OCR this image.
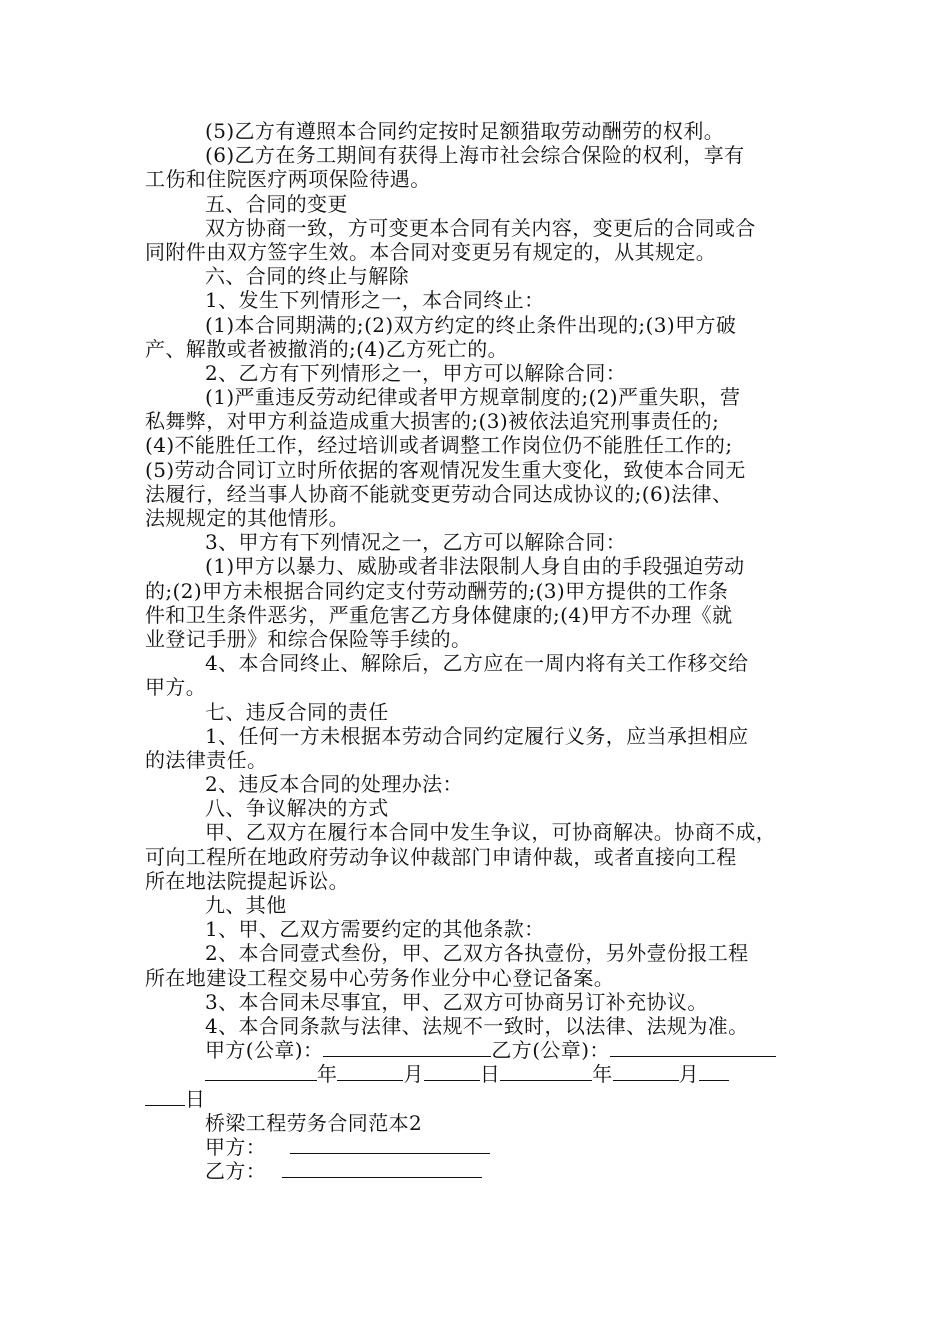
(5)乙方有遵照本合同约定按时足额猎取劳动酬劳的权利。
(6)乙方在务工期间有获得上海市社会综合保险的权利，享有
工伤和住院医疗两项保险待遇。
五、合同的变更
双方协商一致，方可变更本合同有关内容，变更后的合同或合
同附件由双方签字生效。本合同对变更另有规定的，从其规定。
六、合同的终止与解除
1、发生下列情形之一，本合同终止：
(1)本合同期满的;(2)双方约定的终止条件出现的;(3)甲方破
产、解散或者被撤消的;(4)乙方死亡的。
2、乙方有下列情形之一，甲方可以解除合同：
(1)严重违反劳动纪律或者甲方规章制度的;(2)严重失职，营
私舞弊，对甲方利益造成重大损害的;(3)被依法追究刑事责任的;
(4)不能胜任工作，经过培训或者调整工作岗位仍不能胜任工作的;
(5)劳动合同订立时所依据的客观情况发生重大变化，致使本合同无
法履行，经当事人协商不能就变更劳动合同达成协议的;(6)法律、
法规规定的其他情形。
3、甲方有下列情况之一，乙方可以解除合同：
(1)甲方以暴力、威胁或者非法限制人身自由的手段强迫劳动
的;(2)甲方未根据合同约定支付劳动酬劳的;(3)甲方提供的工作条
件和卫生条件恶劣，严重危害乙方身体健康的;(4)甲方不办理《就
业登记手册》和综合保险等手续的。
4、本合同终止、解除后，乙方应在一周内将有关工作移交给
甲方。
七、违反合同的责任
1、任何一方未根据本劳动合同约定履行义务，应当承担相应
的法律责任。
2、违反本合同的处理办法：
八、争议解决的方式
甲、乙双方在履行本合同中发生争议，可协商解决。协商不成，
可向工程所在地政府劳动争议仲裁部门申请仲裁，或者直接向工程
所在地法院提起诉讼。
九、其他
1、甲、乙双方需要约定的其他条款：
2、本合同壹式叁份，甲、乙双方各执壹份，另外壹份报工程
所在地建设工程交易中心劳务作业分中心登记备案。
3、本合同未尽事宜，甲、乙双方可协商另订补充协议。
4、本合同条款与法律、法规不一致时，以法律、法规为准。
甲方(公章)：	乙方(公章)：
年	月	日	年	月
日
桥梁工程劳务合同范本2
甲方：
乙方：
